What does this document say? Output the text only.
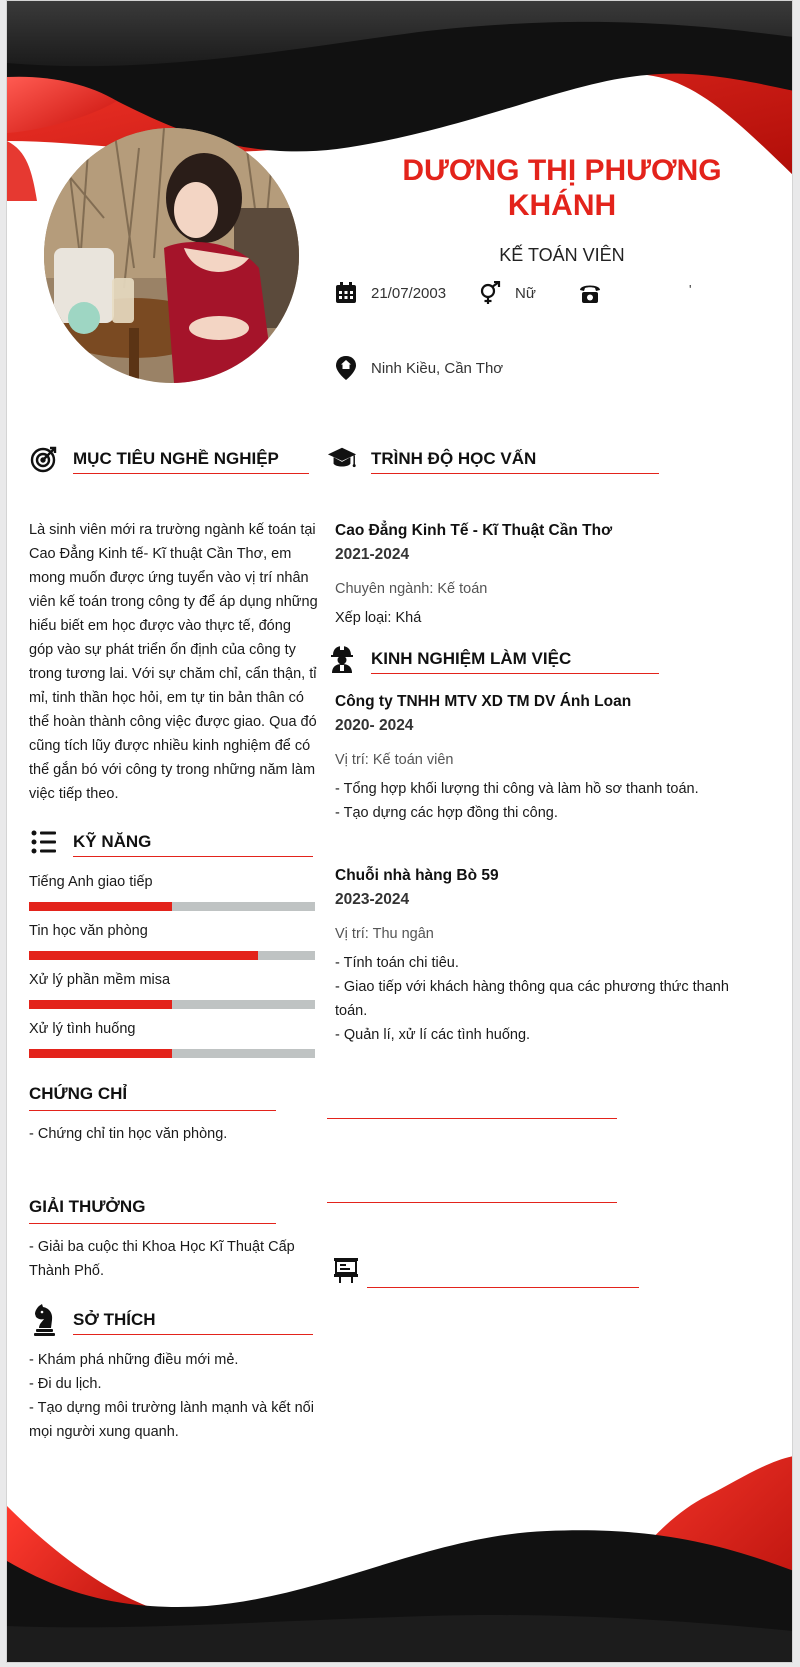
DƯƠNG THỊ PHƯƠNG KHÁNH
KẾ TOÁN VIÊN
21/07/2003	Nữ	'
Ninh Kiều, Cần Thơ
MỤC TIÊU NGHỀ NGHIỆP
Là sinh viên mới ra trường ngành kế toán tại Cao Đẳng Kinh tế- Kĩ thuật Cần Thơ, em mong muốn được ứng tuyển vào vị trí nhân viên kế toán trong công ty để áp dụng những hiểu biết em học được vào thực tế, đóng góp vào sự phát triển ổn định của công ty trong tương lai. Với sự chăm chỉ, cẩn thận, tỉ mỉ, tinh thần học hỏi, em tự tin bản thân có thể hoàn thành công việc được giao. Qua đó cũng tích lũy được nhiều kinh nghiệm để có thể gắn bó với công ty trong những năm làm việc tiếp theo.
KỸ NĂNG
Tiếng Anh giao tiếp
Tin học văn phòng
Xử lý phần mềm misa
Xử lý tình huống
CHỨNG CHỈ
- Chứng chỉ tin học văn phòng.
GIẢI THƯỞNG
- Giải ba cuộc thi Khoa Học Kĩ Thuật Cấp Thành Phố.
SỞ THÍCH
- Khám phá những điều mới mẻ.
- Đi du lịch.
- Tạo dựng môi trường lành mạnh và kết nối mọi người xung quanh.
TRÌNH ĐỘ HỌC VẤN
Cao Đẳng Kinh Tế - Kĩ Thuật Cần Thơ
2021-2024
Chuyên ngành: Kế toán
Xếp loại: Khá
KINH NGHIỆM LÀM VIỆC
Công ty TNHH MTV XD TM DV Ánh Loan
2020- 2024
Vị trí: Kế toán viên
- Tổng hợp khối lượng thi công và làm hồ sơ thanh toán.
- Tạo dựng các hợp đồng thi công.
Chuỗi nhà hàng Bò 59
2023-2024
Vị trí: Thu ngân
- Tính toán chi tiêu.
- Giao tiếp với khách hàng thông qua các phương thức thanh toán.
- Quản lí, xử lí các tình huống.
